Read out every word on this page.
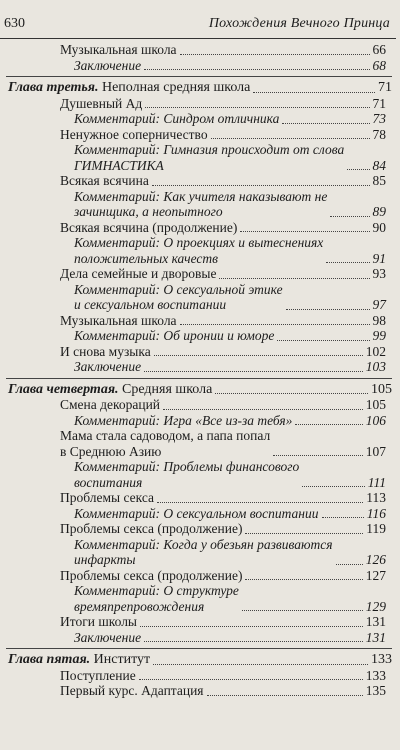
630	Похождения Вечного Принца
Музыкальная школа	66
Заключение	68
Глава третья. Неполная средняя школа	71
Душевный Ад	71
Комментарий: Синдром отличника	73
Ненужное соперничество	78
Комментарий: Гимназия происходит от слова
ГИМНАСТИКА	84
Всякая всячина	85
Комментарий: Как учителя наказывают не
зачинщика, а неопытного	89
Всякая всячина (продолжение)	90
Комментарий: О проекциях и вытеснениях
положительных качеств	91
Дела семейные и дворовые	93
Комментарий: О сексуальной этике
и сексуальном воспитании	97
Музыкальная школа	98
Комментарий: Об иронии и юморе	99
И снова музыка	102
Заключение	103
Глава четвертая. Средняя школа	105
Смена декораций	105
Комментарий: Игра «Все из-за тебя»	106
Мама стала садоводом, а папа попал
в Среднюю Азию	107
Комментарий: Проблемы финансового
воспитания	111
Проблемы секса	113
Комментарий: О сексуальном воспитании	116
Проблемы секса (продолжение)	119
Комментарий: Когда у обезьян развиваются
инфаркты	126
Проблемы секса (продолжение)	127
Комментарий: О структуре
времяпрепровождения	129
Итоги школы	131
Заключение	131
Глава пятая. Институт	133
Поступление	133
Первый курс. Адаптация	135
